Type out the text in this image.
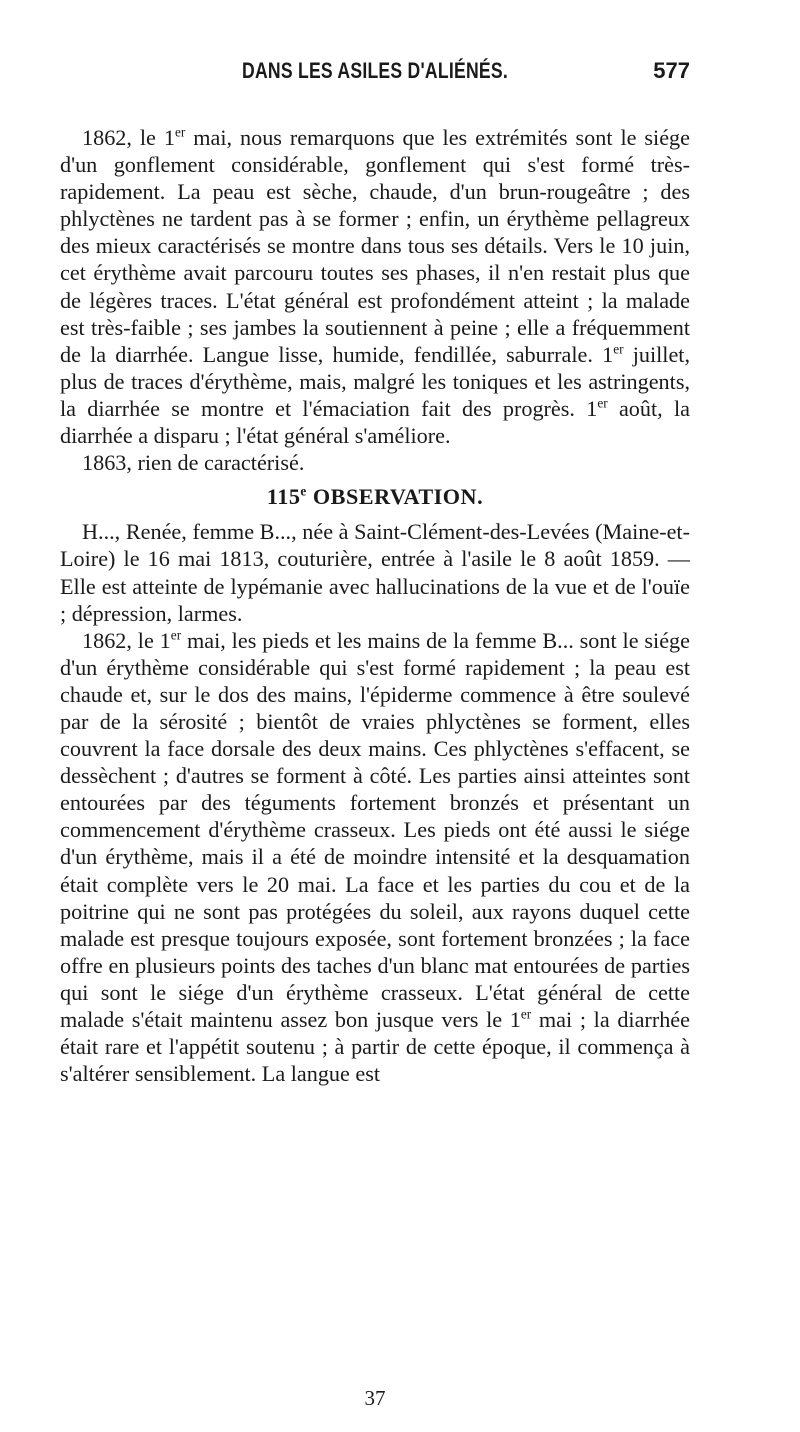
DANS LES ASILES D'ALIÉNÉS.	577

1862, le 1er mai, nous remarquons que les extrémités sont le siége d'un gonflement considérable, gonflement qui s'est formé très-rapidement. La peau est sèche, chaude, d'un brun-rougeâtre ; des phlyctènes ne tardent pas à se former ; enfin, un érythème pellagreux des mieux caractérisés se montre dans tous ses détails. Vers le 10 juin, cet érythème avait parcouru toutes ses phases, il n'en restait plus que de légères traces. L'état général est profondément atteint ; la malade est très-faible ; ses jambes la soutiennent à peine ; elle a fréquemment de la diarrhée. Langue lisse, humide, fendillée, saburrale. 1er juillet, plus de traces d'érythème, mais, malgré les toniques et les astringents, la diarrhée se montre et l'émaciation fait des progrès. 1er août, la diarrhée a disparu ; l'état général s'améliore.

1863, rien de caractérisé.

115e OBSERVATION.

H..., Renée, femme B..., née à Saint-Clément-des-Levées (Maine-et-Loire) le 16 mai 1813, couturière, entrée à l'asile le 8 août 1859. — Elle est atteinte de lypémanie avec hallucinations de la vue et de l'ouïe ; dépression, larmes.

1862, le 1er mai, les pieds et les mains de la femme B... sont le siége d'un érythème considérable qui s'est formé rapidement ; la peau est chaude et, sur le dos des mains, l'épiderme commence à être soulevé par de la sérosité ; bientôt de vraies phlyctènes se forment, elles couvrent la face dorsale des deux mains. Ces phlyctènes s'effacent, se dessèchent ; d'autres se forment à côté. Les parties ainsi atteintes sont entourées par des téguments fortement bronzés et présentant un commencement d'érythème crasseux. Les pieds ont été aussi le siége d'un érythème, mais il a été de moindre intensité et la desquamation était complète vers le 20 mai. La face et les parties du cou et de la poitrine qui ne sont pas protégées du soleil, aux rayons duquel cette malade est presque toujours exposée, sont fortement bronzées ; la face offre en plusieurs points des taches d'un blanc mat entourées de parties qui sont le siége d'un érythème crasseux. L'état général de cette malade s'était maintenu assez bon jusque vers le 1er mai ; la diarrhée était rare et l'appétit soutenu ; à partir de cette époque, il commença à s'altérer sensiblement. La langue est

37
